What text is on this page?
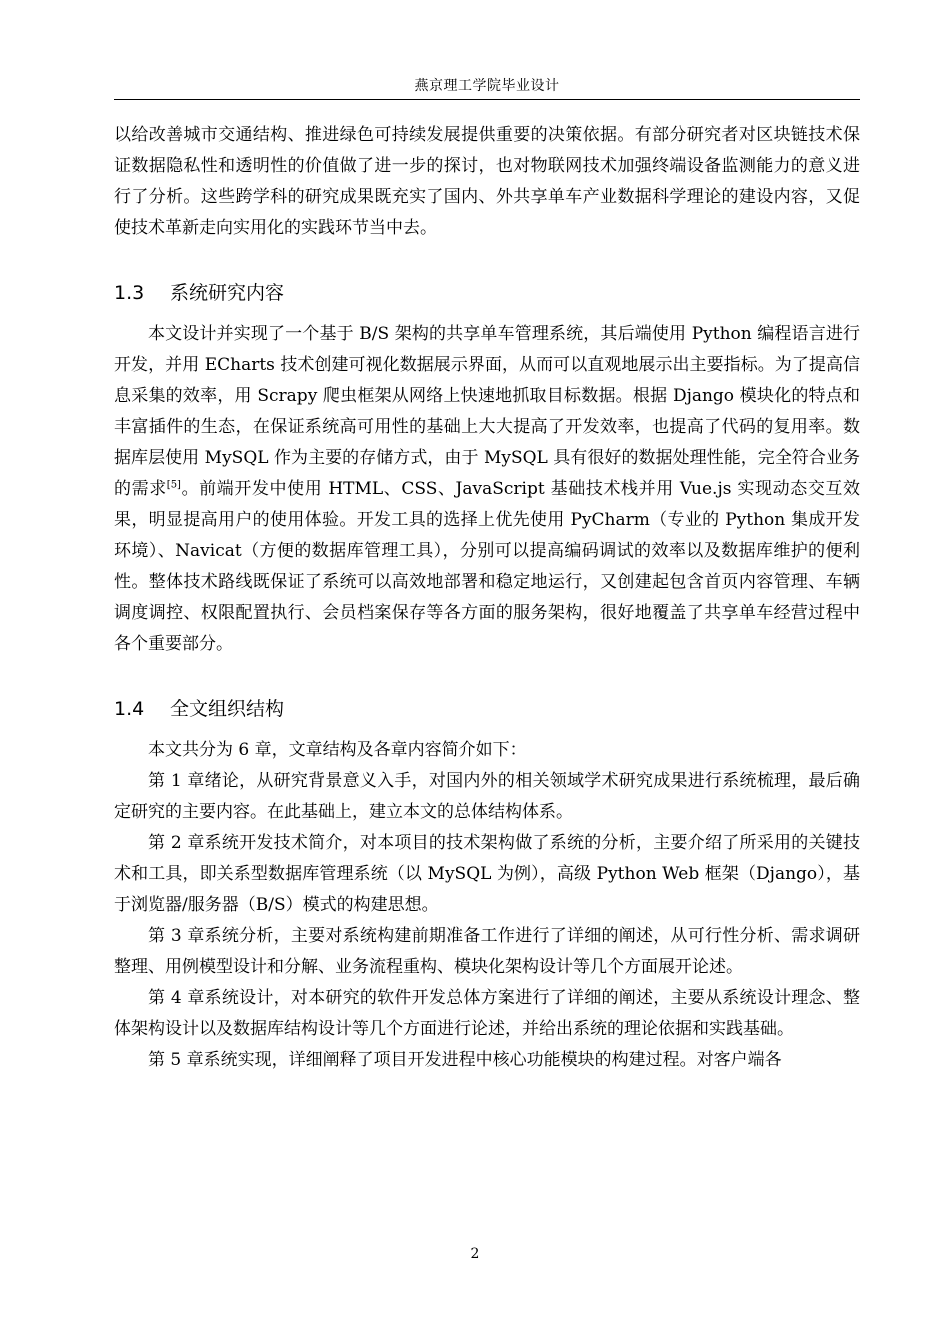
燕京理工学院毕业设计

以给改善城市交通结构、推进绿色可持续发展提供重要的决策依据。有部分研究者对区块链技术保证数据隐私性和透明性的价值做了进一步的探讨，也对物联网技术加强终端设备监测能力的意义进行了分析。这些跨学科的研究成果既充实了国内、外共享单车产业数据科学理论的建设内容，又促使技术革新走向实用化的实践环节当中去。

1.3	系统研究内容

本文设计并实现了一个基于 B/S 架构的共享单车管理系统，其后端使用 Python 编程语言进行开发，并用 ECharts 技术创建可视化数据展示界面，从而可以直观地展示出主要指标。为了提高信息采集的效率，用 Scrapy 爬虫框架从网络上快速地抓取目标数据。根据 Django 模块化的特点和丰富插件的生态，在保证系统高可用性的基础上大大提高了开发效率，也提高了代码的复用率。数据库层使用 MySQL 作为主要的存储方式，由于 MySQL 具有很好的数据处理性能，完全符合业务的需求[5]。前端开发中使用 HTML、CSS、JavaScript 基础技术栈并用 Vue.js 实现动态交互效果，明显提高用户的使用体验。开发工具的选择上优先使用 PyCharm（专业的 Python 集成开发环境）、Navicat（方便的数据库管理工具），分别可以提高编码调试的效率以及数据库维护的便利性。整体技术路线既保证了系统可以高效地部署和稳定地运行，又创建起包含首页内容管理、车辆调度调控、权限配置执行、会员档案保存等各方面的服务架构，很好地覆盖了共享单车经营过程中各个重要部分。

1.4	全文组织结构

本文共分为 6 章，文章结构及各章内容简介如下：

第 1 章绪论，从研究背景意义入手，对国内外的相关领域学术研究成果进行系统梳理，最后确定研究的主要内容。在此基础上，建立本文的总体结构体系。

第 2 章系统开发技术简介，对本项目的技术架构做了系统的分析，主要介绍了所采用的关键技术和工具，即关系型数据库管理系统（以 MySQL 为例），高级 Python Web 框架（Django），基于浏览器/服务器（B/S）模式的构建思想。

第 3 章系统分析，主要对系统构建前期准备工作进行了详细的阐述，从可行性分析、需求调研整理、用例模型设计和分解、业务流程重构、模块化架构设计等几个方面展开论述。

第 4 章系统设计，对本研究的软件开发总体方案进行了详细的阐述，主要从系统设计理念、整体架构设计以及数据库结构设计等几个方面进行论述，并给出系统的理论依据和实践基础。

第 5 章系统实现，详细阐释了项目开发进程中核心功能模块的构建过程。对客户端各

2
